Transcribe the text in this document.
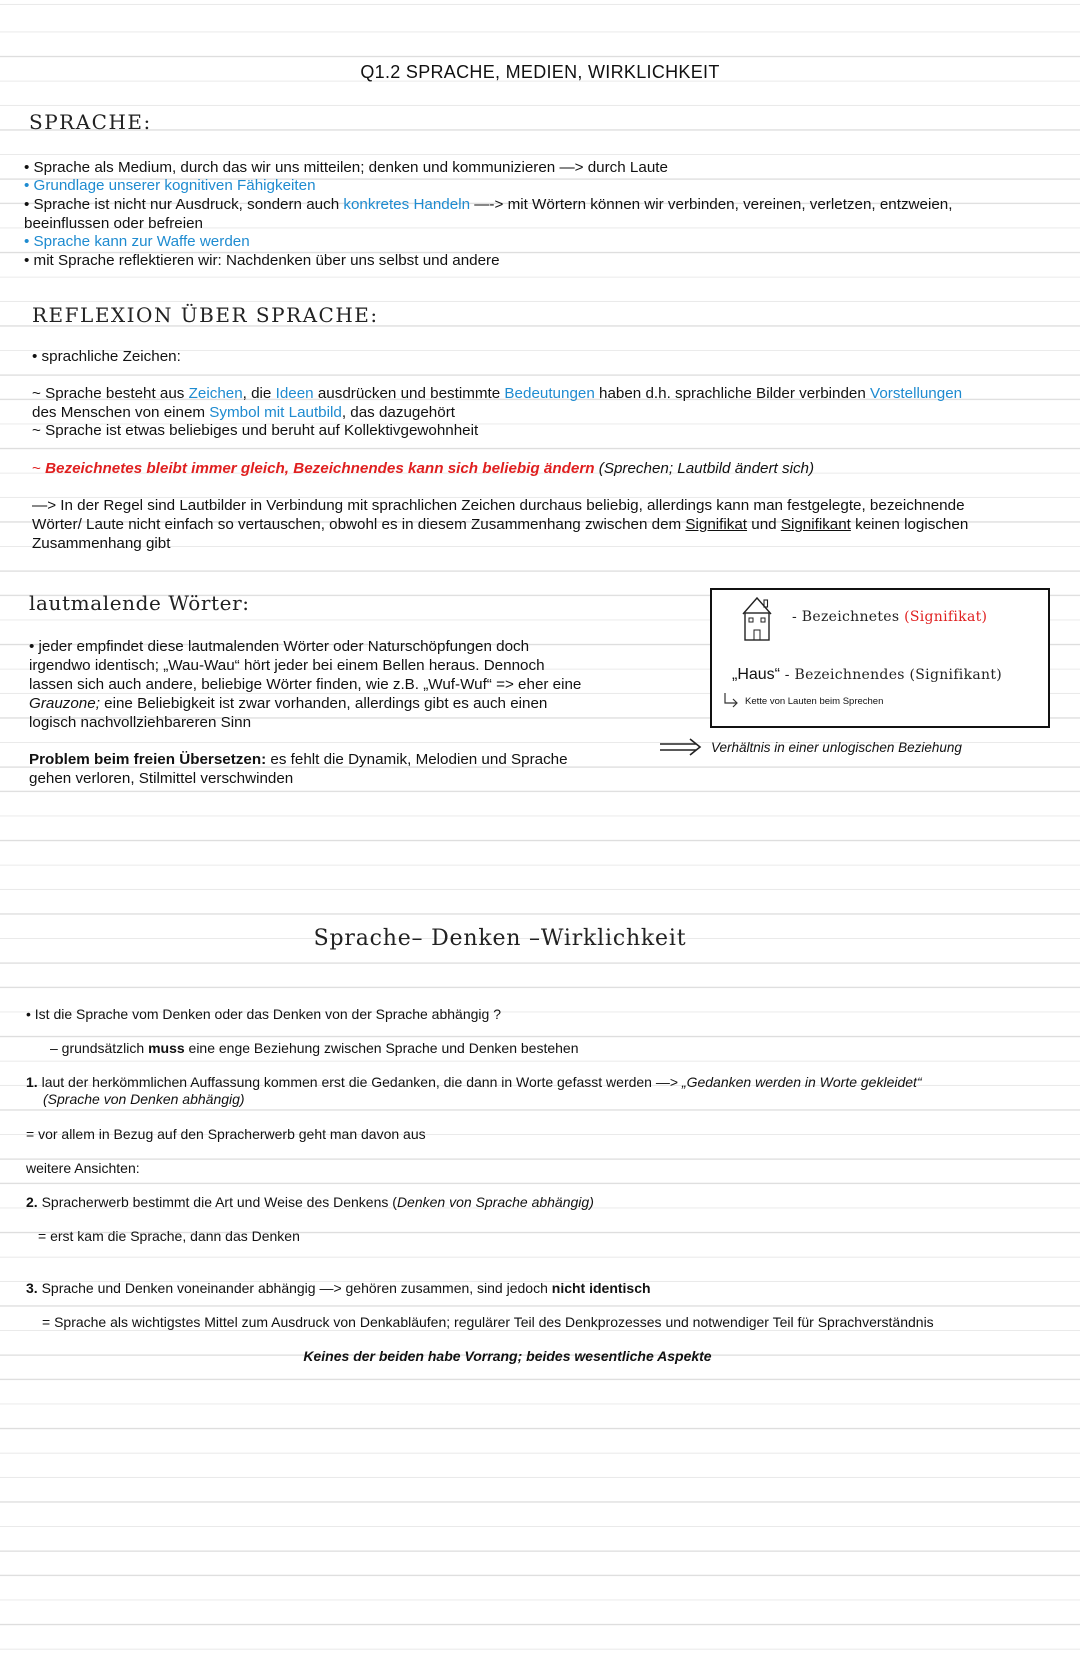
Q1.2 SPRACHE, MEDIEN, WIRKLICHKEIT
SPRACHE:
• Sprache als Medium, durch das wir uns mitteilen; denken und kommunizieren —> durch Laute
• Grundlage unserer kognitiven Fähigkeiten
• Sprache ist nicht nur Ausdruck, sondern auch konkretes Handeln —-> mit Wörtern können wir verbinden, vereinen, verletzen, entzweien,
beeinflussen oder befreien
• Sprache kann zur Waffe werden
• mit Sprache reflektieren wir: Nachdenken über uns selbst und andere
REFLEXION ÜBER SPRACHE:
• sprachliche Zeichen:
~ Sprache besteht aus Zeichen, die Ideen ausdrücken und bestimmte Bedeutungen haben d.h. sprachliche Bilder verbinden Vorstellungen
des Menschen von einem Symbol mit Lautbild, das dazugehört
~ Sprache ist etwas beliebiges und beruht auf Kollektivgewohnheit
~ Bezeichnetes bleibt immer gleich, Bezeichnendes kann sich beliebig ändern (Sprechen; Lautbild ändert sich)
—> In der Regel sind Lautbilder in Verbindung mit sprachlichen Zeichen durchaus beliebig, allerdings kann man festgelegte, bezeichnende
Wörter/ Laute nicht einfach so vertauschen, obwohl es in diesem Zusammenhang zwischen dem Signifikat und Signifikant keinen logischen
Zusammenhang gibt
lautmalende Wörter:
• jeder empfindet diese lautmalenden Wörter oder Naturschöpfungen doch
irgendwo identisch; „Wau-Wau“ hört jeder bei einem Bellen heraus. Dennoch
lassen sich auch andere, beliebige Wörter finden, wie z.B. „Wuf-Wuf“ => eher eine
Grauzone; eine Beliebigkeit ist zwar vorhanden, allerdings gibt es auch einen
logisch nachvollziehbareren Sinn
Problem beim freien Übersetzen: es fehlt die Dynamik, Melodien und Sprache
gehen verloren, Stilmittel verschwinden
- Bezeichnetes (Signifikat)
„Haus“ - Bezeichnendes (Signifikant)
Kette von Lauten beim Sprechen
Verhältnis in einer unlogischen Beziehung
Sprache– Denken –Wirklichkeit
• Ist die Sprache vom Denken oder das Denken von der Sprache abhängig ?
– grundsätzlich muss eine enge Beziehung zwischen Sprache und Denken bestehen
1. laut der herkömmlichen Auffassung kommen erst die Gedanken, die dann in Worte gefasst werden —> „Gedanken werden in Worte gekleidet“
(Sprache von Denken abhängig)
= vor allem in Bezug auf den Spracherwerb geht man davon aus
weitere Ansichten:
2. Spracherwerb bestimmt die Art und Weise des Denkens (Denken von Sprache abhängig)
= erst kam die Sprache, dann das Denken
3. Sprache und Denken voneinander abhängig —> gehören zusammen, sind jedoch nicht identisch
= Sprache als wichtigstes Mittel zum Ausdruck von Denkabläufen; regulärer Teil des Denkprozesses und notwendiger Teil für Sprachverständnis
Keines der beiden habe Vorrang; beides wesentliche Aspekte
